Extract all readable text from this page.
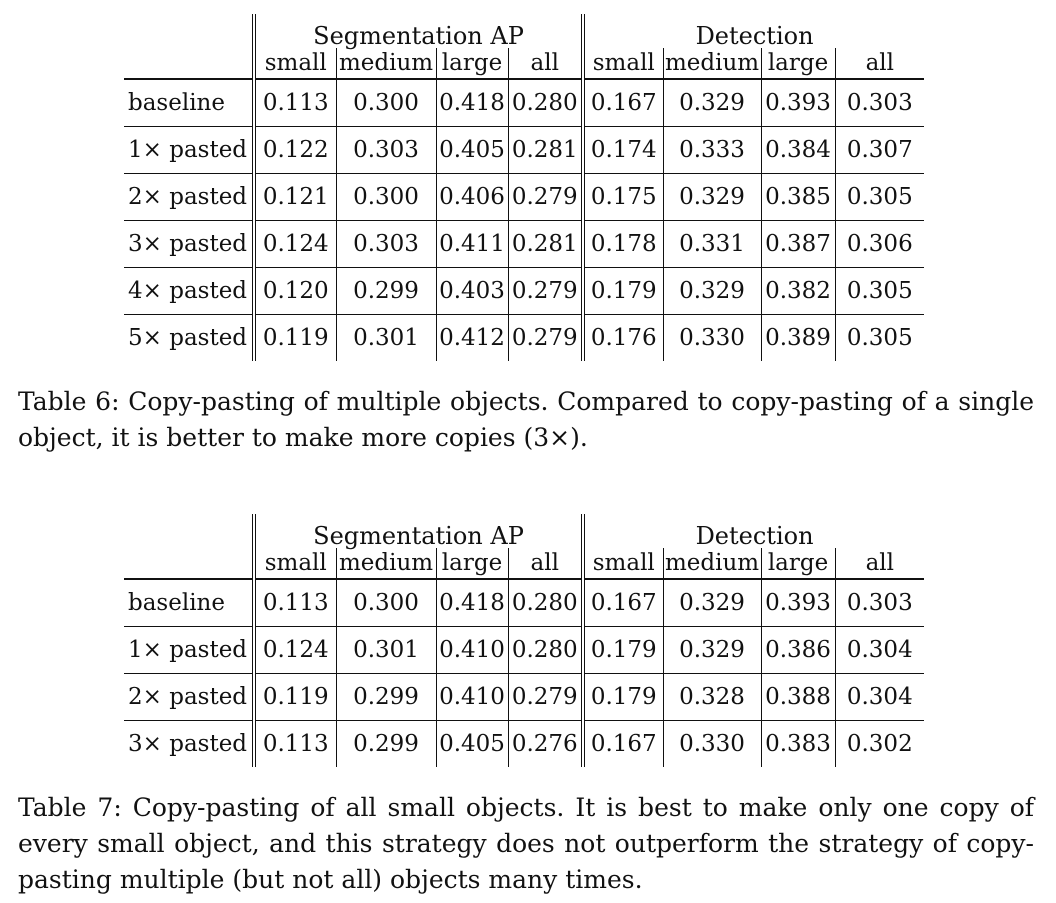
	Segmentation AP				Detection			
	small	medium	large	all	small	medium	large	all
baseline	0.113	0.300	0.418	0.280	0.167	0.329	0.393	0.303
1× pasted	0.122	0.303	0.405	0.281	0.174	0.333	0.384	0.307
2× pasted	0.121	0.300	0.406	0.279	0.175	0.329	0.385	0.305
3× pasted	0.124	0.303	0.411	0.281	0.178	0.331	0.387	0.306
4× pasted	0.120	0.299	0.403	0.279	0.179	0.329	0.382	0.305
5× pasted	0.119	0.301	0.412	0.279	0.176	0.330	0.389	0.305

Table 6: Copy-pasting of multiple objects. Compared to copy-pasting of a single object, it is better to make more copies (3×).

	Segmentation AP				Detection			
	small	medium	large	all	small	medium	large	all
baseline	0.113	0.300	0.418	0.280	0.167	0.329	0.393	0.303
1× pasted	0.124	0.301	0.410	0.280	0.179	0.329	0.386	0.304
2× pasted	0.119	0.299	0.410	0.279	0.179	0.328	0.388	0.304
3× pasted	0.113	0.299	0.405	0.276	0.167	0.330	0.383	0.302

Table 7: Copy-pasting of all small objects. It is best to make only one copy of every small object, and this strategy does not outperform the strategy of copy-pasting multiple (but not all) objects many times.
